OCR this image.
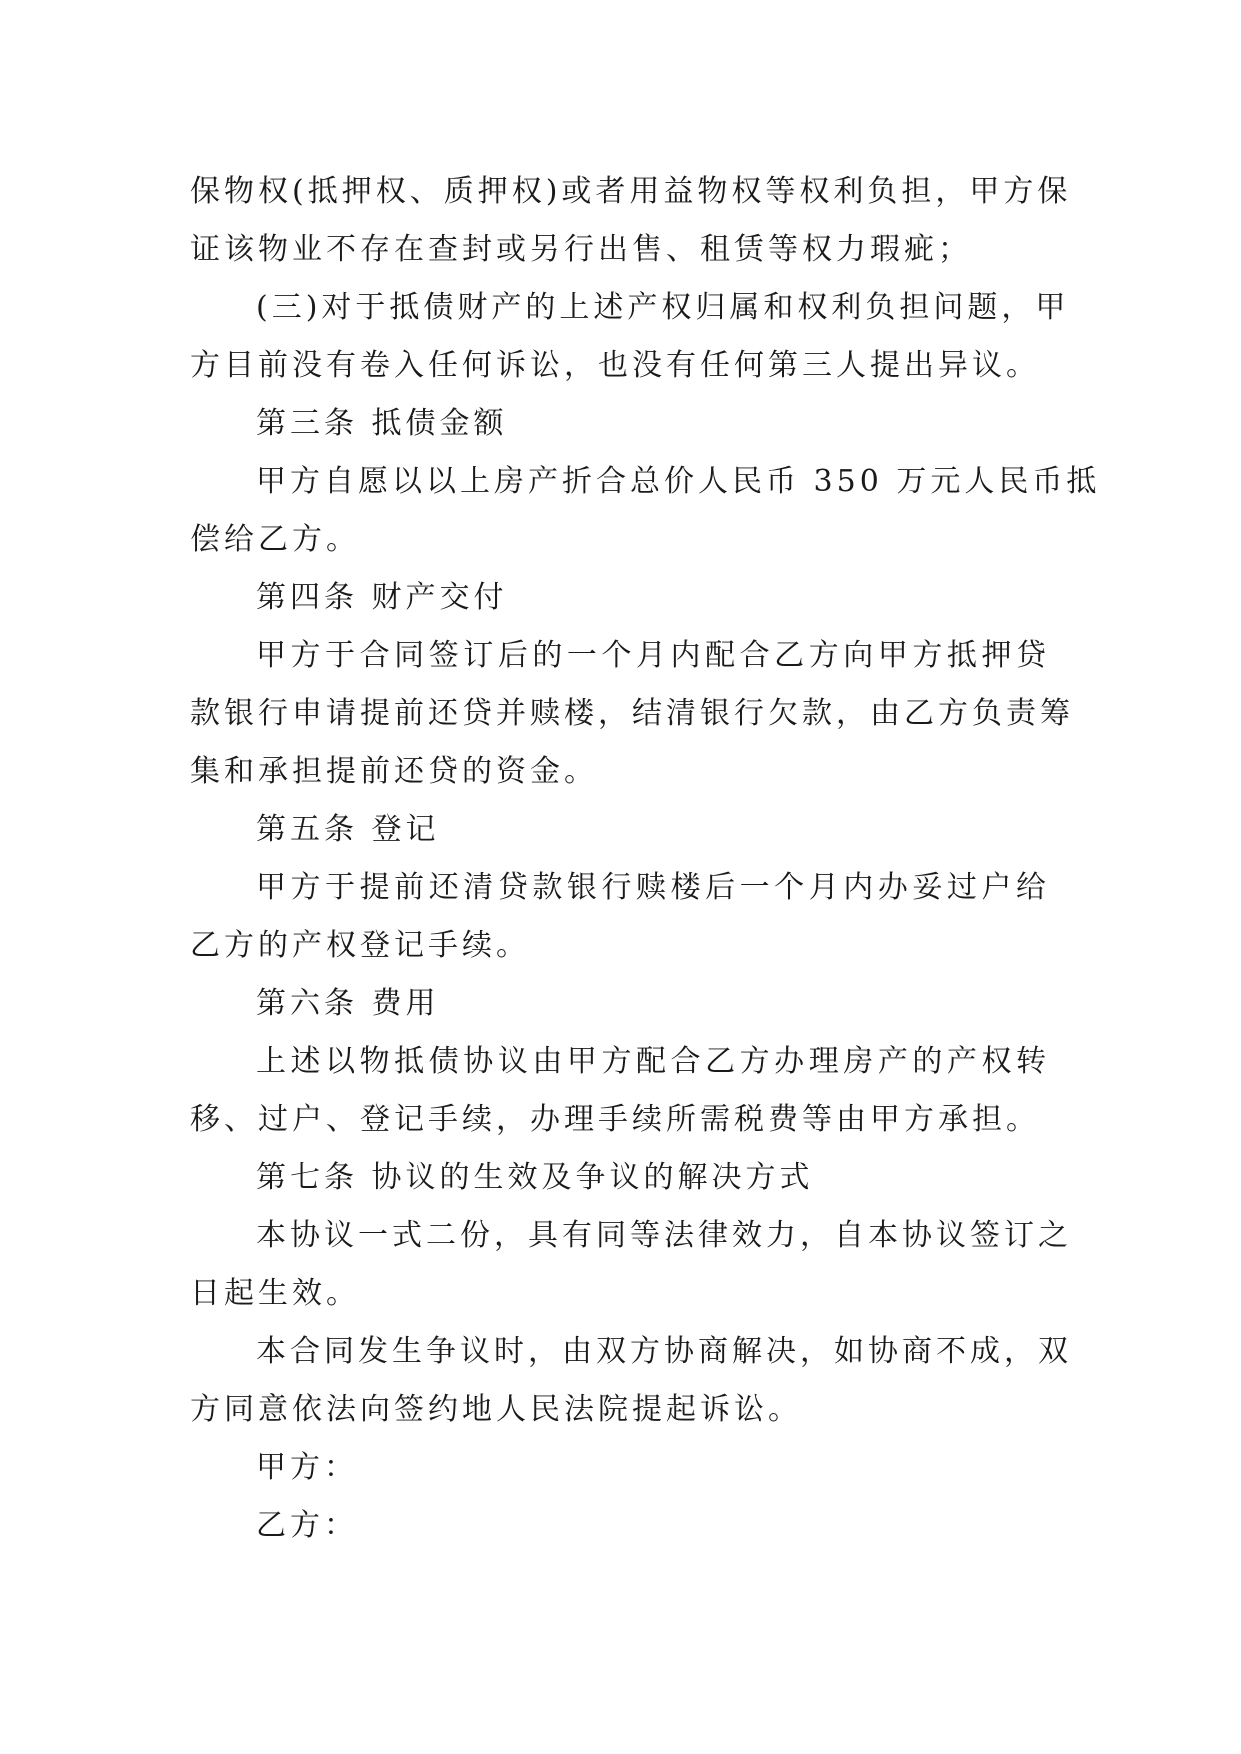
保物权(抵押权、质押权)或者用益物权等权利负担，甲方保
证该物业不存在查封或另行出售、租赁等权力瑕疵；
(三)对于抵债财产的上述产权归属和权利负担问题，甲
方目前没有卷入任何诉讼，也没有任何第三人提出异议。
第三条 抵债金额
甲方自愿以以上房产折合总价人民币 350 万元人民币抵
偿给乙方。
第四条 财产交付
甲方于合同签订后的一个月内配合乙方向甲方抵押贷
款银行申请提前还贷并赎楼，结清银行欠款，由乙方负责筹
集和承担提前还贷的资金。
第五条 登记
甲方于提前还清贷款银行赎楼后一个月内办妥过户给
乙方的产权登记手续。
第六条 费用
上述以物抵债协议由甲方配合乙方办理房产的产权转
移、过户、登记手续，办理手续所需税费等由甲方承担。
第七条 协议的生效及争议的解决方式
本协议一式二份，具有同等法律效力，自本协议签订之
日起生效。
本合同发生争议时，由双方协商解决，如协商不成，双
方同意依法向签约地人民法院提起诉讼。
甲方：
乙方：
